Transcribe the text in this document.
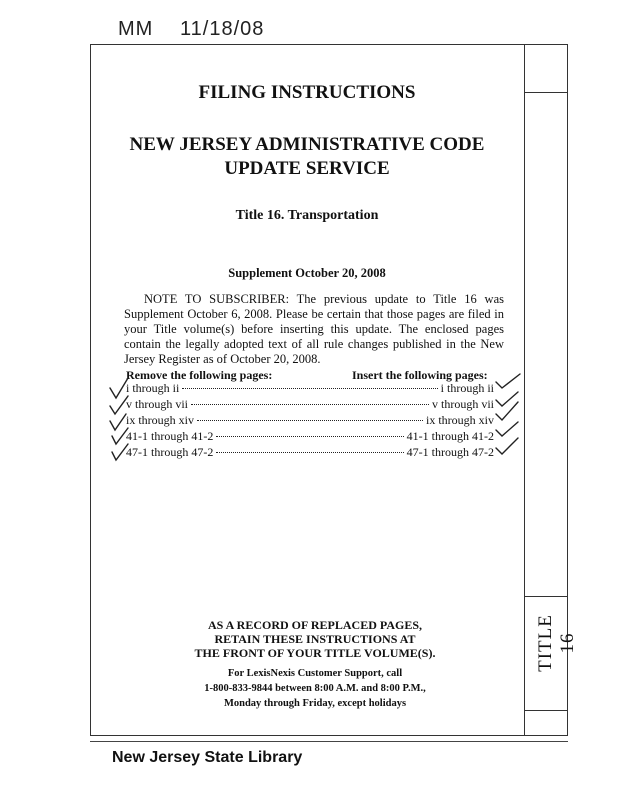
MM 11/18/08
TITLE 16
FILING INSTRUCTIONS
NEW JERSEY ADMINISTRATIVE CODE
UPDATE SERVICE
Title 16. Transportation
Supplement October 20, 2008
NOTE TO SUBSCRIBER: The previous update to Title 16 was Supplement October 6, 2008. Please be certain that those pages are filed in your Title volume(s) before inserting this update. The enclosed pages contain the legally adopted text of all rule changes published in the New Jersey Register as of October 20, 2008.
Remove the following pages:	Insert the following pages:
i through ii	i through ii
v through vii	v through vii
ix through xiv	ix through xiv
41-1 through 41-2	41-1 through 41-2
47-1 through 47-2	47-1 through 47-2
AS A RECORD OF REPLACED PAGES,
RETAIN THESE INSTRUCTIONS AT
THE FRONT OF YOUR TITLE VOLUME(S).
For LexisNexis Customer Support, call
1-800-833-9844 between 8:00 A.M. and 8:00 P.M.,
Monday through Friday, except holidays
New Jersey State Library
